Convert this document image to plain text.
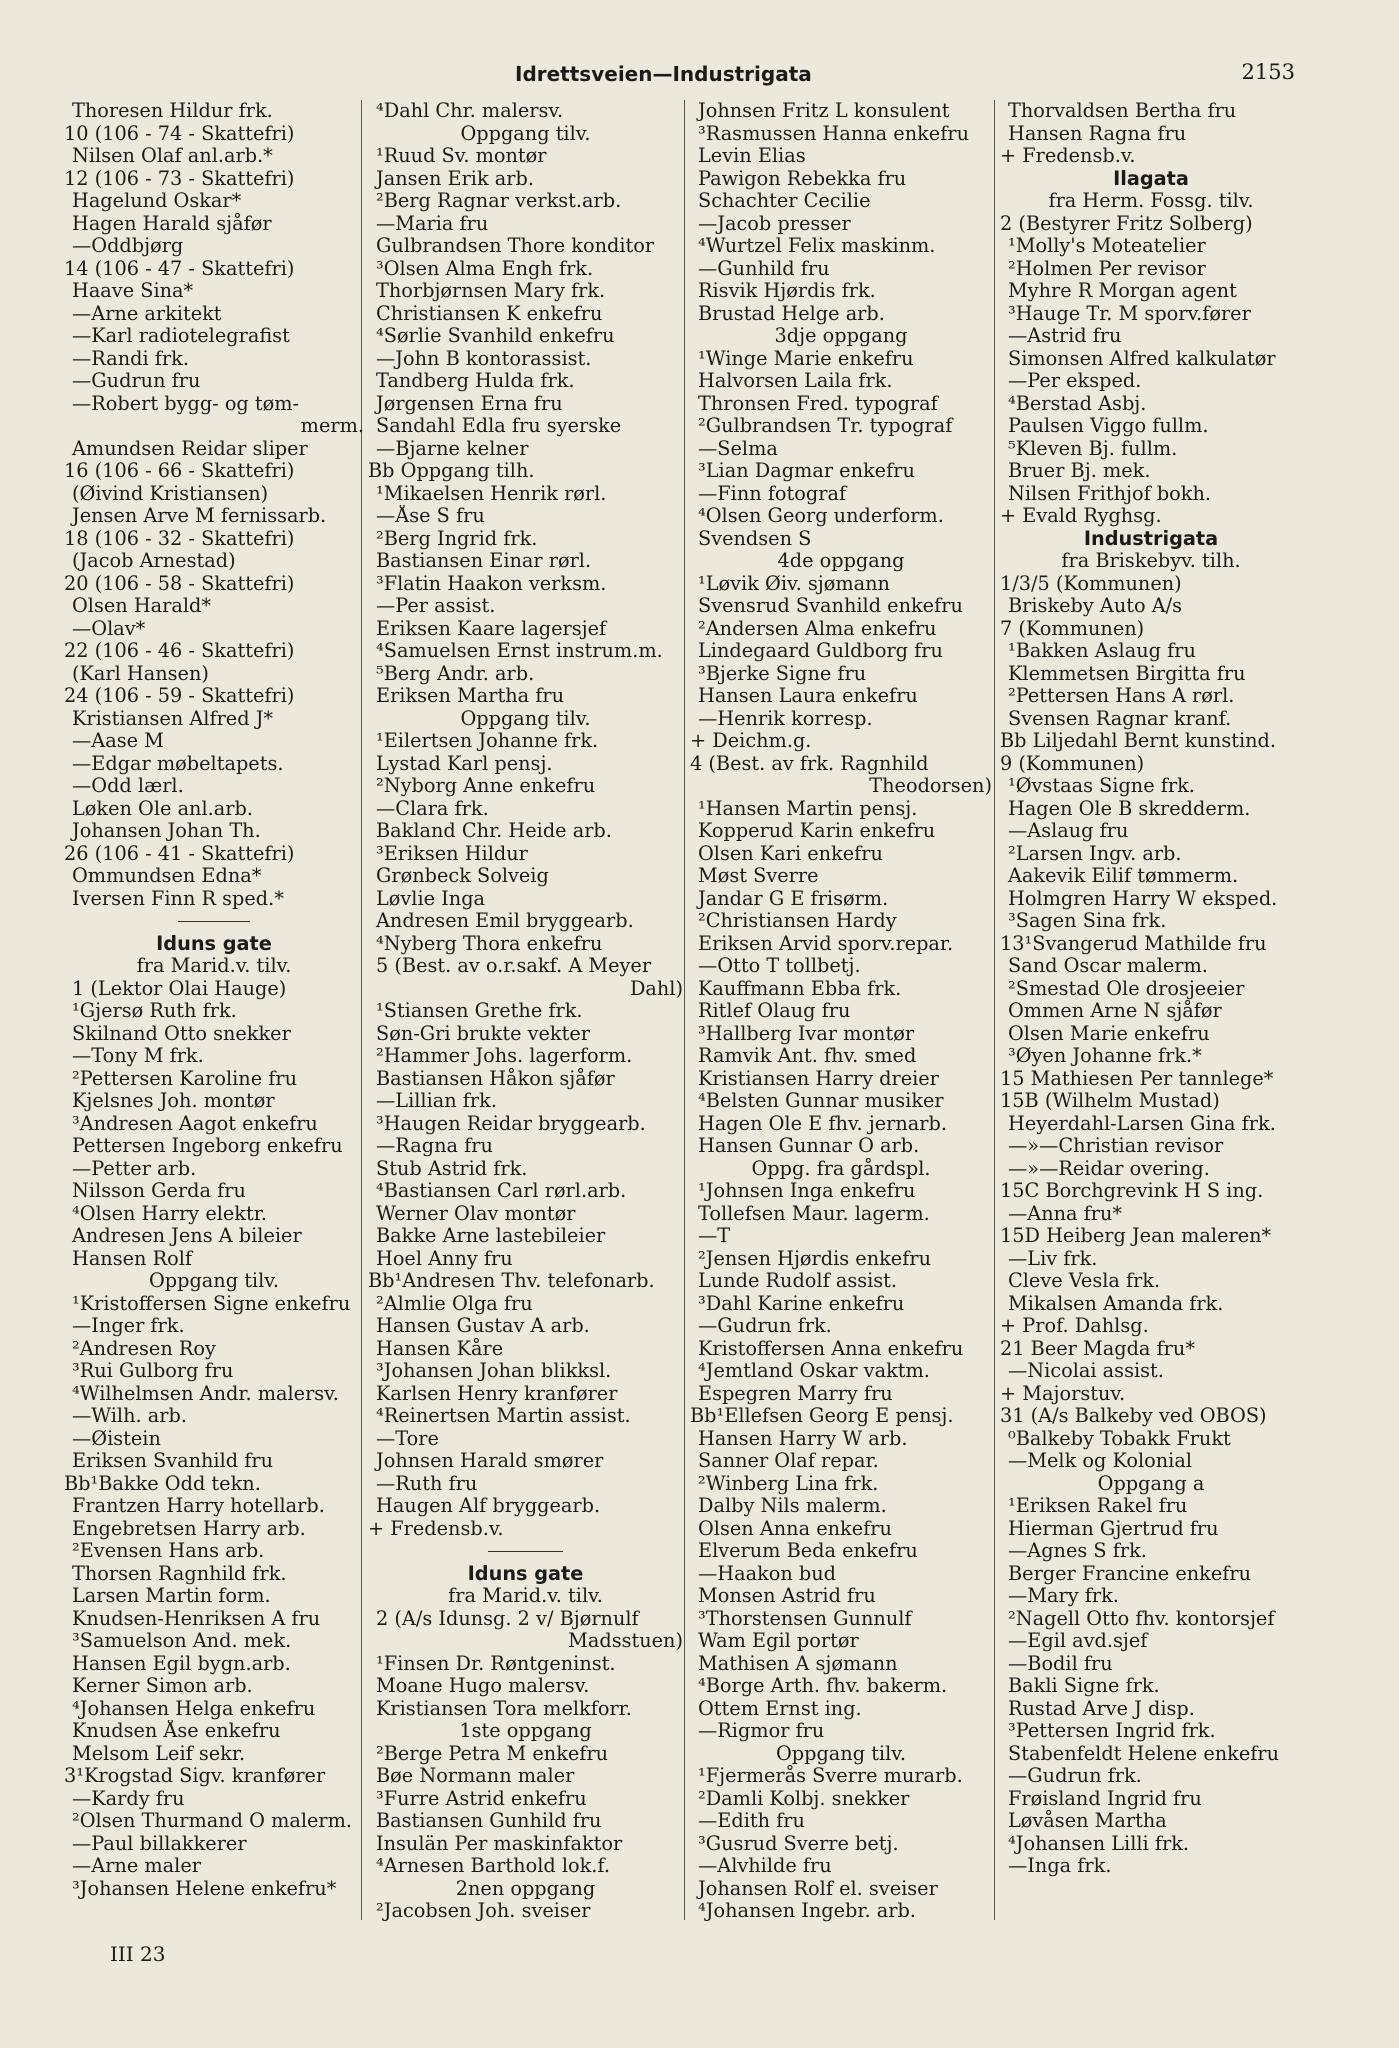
Idrettsveien—Industrigata	2153
Thoresen Hildur frk.
10 (106 - 74 - Skattefri)
Nilsen Olaf anl.arb.*
12 (106 - 73 - Skattefri)
Hagelund Oskar*
Hagen Harald sjåfør
—Oddbjørg
14 (106 - 47 - Skattefri)
Haave Sina*
—Arne arkitekt
—Karl radiotelegrafist
—Randi frk.
—Gudrun fru
—Robert bygg- og tøm-
merm.
Amundsen Reidar sliper
16 (106 - 66 - Skattefri)
(Øivind Kristiansen)
Jensen Arve M fernissarb.
18 (106 - 32 - Skattefri)
(Jacob Arnestad)
20 (106 - 58 - Skattefri)
Olsen Harald*
—Olav*
22 (106 - 46 - Skattefri)
(Karl Hansen)
24 (106 - 59 - Skattefri)
Kristiansen Alfred J*
—Aase M
—Edgar møbeltapets.
—Odd lærl.
Løken Ole anl.arb.
Johansen Johan Th.
26 (106 - 41 - Skattefri)
Ommundsen Edna*
Iversen Finn R sped.*
Iduns gate
fra Marid.v. tilv.
1 (Lektor Olai Hauge)
¹Gjersø Ruth frk.
Skilnand Otto snekker
—Tony M frk.
²Pettersen Karoline fru
Kjelsnes Joh. montør
³Andresen Aagot enkefru
Pettersen Ingeborg enkefru
—Petter arb.
Nilsson Gerda fru
⁴Olsen Harry elektr.
Andresen Jens A bileier
Hansen Rolf
Oppgang tilv.
¹Kristoffersen Signe enkefru
—Inger frk.
²Andresen Roy
³Rui Gulborg fru
⁴Wilhelmsen Andr. malersv.
—Wilh. arb.
—Øistein
Eriksen Svanhild fru
Bb¹Bakke Odd tekn.
Frantzen Harry hotellarb.
Engebretsen Harry arb.
²Evensen Hans arb.
Thorsen Ragnhild frk.
Larsen Martin form.
Knudsen-Henriksen A fru
³Samuelson And. mek.
Hansen Egil bygn.arb.
Kerner Simon arb.
⁴Johansen Helga enkefru
Knudsen Åse enkefru
Melsom Leif sekr.
3¹Krogstad Sigv. kranfører
—Kardy fru
²Olsen Thurmand O malerm.
—Paul billakkerer
—Arne maler
³Johansen Helene enkefru*
⁴Dahl Chr. malersv.
Oppgang tilv.
¹Ruud Sv. montør
Jansen Erik arb.
²Berg Ragnar verkst.arb.
—Maria fru
Gulbrandsen Thore konditor
³Olsen Alma Engh frk.
Thorbjørnsen Mary frk.
Christiansen K enkefru
⁴Sørlie Svanhild enkefru
—John B kontorassist.
Tandberg Hulda frk.
Jørgensen Erna fru
Sandahl Edla fru syerske
—Bjarne kelner
Bb Oppgang tilh.
¹Mikaelsen Henrik rørl.
—Åse S fru
²Berg Ingrid frk.
Bastiansen Einar rørl.
³Flatin Haakon verksm.
—Per assist.
Eriksen Kaare lagersjef
⁴Samuelsen Ernst instrum.m.
⁵Berg Andr. arb.
Eriksen Martha fru
Oppgang tilv.
¹Eilertsen Johanne frk.
Lystad Karl pensj.
²Nyborg Anne enkefru
—Clara frk.
Bakland Chr. Heide arb.
³Eriksen Hildur
Grønbeck Solveig
Løvlie Inga
Andresen Emil bryggearb.
⁴Nyberg Thora enkefru
5 (Best. av o.r.sakf. A Meyer
Dahl)
¹Stiansen Grethe frk.
Søn-Gri brukte vekter
²Hammer Johs. lagerform.
Bastiansen Håkon sjåfør
—Lillian frk.
³Haugen Reidar bryggearb.
—Ragna fru
Stub Astrid frk.
⁴Bastiansen Carl rørl.arb.
Werner Olav montør
Bakke Arne lastebileier
Hoel Anny fru
Bb¹Andresen Thv. telefonarb.
²Almlie Olga fru
Hansen Gustav A arb.
Hansen Kåre
³Johansen Johan blikksl.
Karlsen Henry kranfører
⁴Reinertsen Martin assist.
—Tore
Johnsen Harald smører
—Ruth fru
Haugen Alf bryggearb.
+ Fredensb.v.
Iduns gate
fra Marid.v. tilv.
2 (A/s Idunsg. 2 v/ Bjørnulf
Madsstuen)
¹Finsen Dr. Røntgeninst.
Moane Hugo malersv.
Kristiansen Tora melkforr.
1ste oppgang
²Berge Petra M enkefru
Bøe Normann maler
³Furre Astrid enkefru
Bastiansen Gunhild fru
Insulän Per maskinfaktor
⁴Arnesen Barthold lok.f.
2nen oppgang
²Jacobsen Joh. sveiser
Johnsen Fritz L konsulent
³Rasmussen Hanna enkefru
Levin Elias
Pawigon Rebekka fru
Schachter Cecilie
—Jacob presser
⁴Wurtzel Felix maskinm.
—Gunhild fru
Risvik Hjørdis frk.
Brustad Helge arb.
3dje oppgang
¹Winge Marie enkefru
Halvorsen Laila frk.
Thronsen Fred. typograf
²Gulbrandsen Tr. typograf
—Selma
³Lian Dagmar enkefru
—Finn fotograf
⁴Olsen Georg underform.
Svendsen S
4de oppgang
¹Løvik Øiv. sjømann
Svensrud Svanhild enkefru
²Andersen Alma enkefru
Lindegaard Guldborg fru
³Bjerke Signe fru
Hansen Laura enkefru
—Henrik korresp.
+ Deichm.g.
4 (Best. av frk. Ragnhild
Theodorsen)
¹Hansen Martin pensj.
Kopperud Karin enkefru
Olsen Kari enkefru
Møst Sverre
Jandar G E frisørm.
²Christiansen Hardy
Eriksen Arvid sporv.repar.
—Otto T tollbetj.
Kauffmann Ebba frk.
Ritlef Olaug fru
³Hallberg Ivar montør
Ramvik Ant. fhv. smed
Kristiansen Harry dreier
⁴Belsten Gunnar musiker
Hagen Ole E fhv. jernarb.
Hansen Gunnar O arb.
Oppg. fra gårdspl.
¹Johnsen Inga enkefru
Tollefsen Maur. lagerm.
—T
²Jensen Hjørdis enkefru
Lunde Rudolf assist.
³Dahl Karine enkefru
—Gudrun frk.
Kristoffersen Anna enkefru
⁴Jemtland Oskar vaktm.
Espegren Marry fru
Bb¹Ellefsen Georg E pensj.
Hansen Harry W arb.
Sanner Olaf repar.
²Winberg Lina frk.
Dalby Nils malerm.
Olsen Anna enkefru
Elverum Beda enkefru
—Haakon bud
Monsen Astrid fru
³Thorstensen Gunnulf
Wam Egil portør
Mathisen A sjømann
⁴Borge Arth. fhv. bakerm.
Ottem Ernst ing.
—Rigmor fru
Oppgang tilv.
¹Fjermerås Sverre murarb.
²Damli Kolbj. snekker
—Edith fru
³Gusrud Sverre betj.
—Alvhilde fru
Johansen Rolf el. sveiser
⁴Johansen Ingebr. arb.
Thorvaldsen Bertha fru
Hansen Ragna fru
+ Fredensb.v.
Ilagata
fra Herm. Fossg. tilv.
2 (Bestyrer Fritz Solberg)
¹Molly's Moteatelier
²Holmen Per revisor
Myhre R Morgan agent
³Hauge Tr. M sporv.fører
—Astrid fru
Simonsen Alfred kalkulatør
—Per ekspеd.
⁴Berstad Asbj.
Paulsen Viggo fullm.
⁵Kleven Bj. fullm.
Bruer Bj. mek.
Nilsen Frithjof bokh.
+ Evald Ryghsg.
Industrigata
fra Briskebyv. tilh.
1/3/5 (Kommunen)
Briskeby Auto A/s
7 (Kommunen)
¹Bakken Aslaug fru
Klemmetsen Birgitta fru
²Pettersen Hans A rørl.
Svensen Ragnar kranf.
Bb Liljedahl Bernt kunstind.
9 (Kommunen)
¹Øvstaas Signe frk.
Hagen Ole B skredderm.
—Aslaug fru
²Larsen Ingv. arb.
Aakevik Eilif tømmerm.
Holmgren Harry W eksped.
³Sagen Sina frk.
13¹Svangerud Mathilde fru
Sand Oscar malerm.
²Smestad Ole drosjeeier
Ommen Arne N sjåfør
Olsen Marie enkefru
³Øyen Johanne frk.*
15 Mathiesen Per tannlege*
15B (Wilhelm Mustad)
Heyerdahl-Larsen Gina frk.
—»—Christian revisor
—»—Reidar overing.
15C Borchgrevink H S ing.
—Anna fru*
15D Heiberg Jean maleren*
—Liv frk.
Cleve Vesla frk.
Mikalsen Amanda frk.
+ Prof. Dahlsg.
21 Beer Magda fru*
—Nicolai assist.
+ Majorstuv.
31 (A/s Balkeby ved OBOS)
⁰Balkeby Tobakk Frukt
—Melk og Kolonial
Oppgang a
¹Eriksen Rakel fru
Hierman Gjertrud fru
—Agnes S frk.
Berger Francine enkefru
—Mary frk.
²Nagell Otto fhv. kontorsjef
—Egil avd.sjef
—Bodil fru
Bakli Signe frk.
Rustad Arve J disp.
³Pettersen Ingrid frk.
Stabenfeldt Helene enkefru
—Gudrun frk.
Frøisland Ingrid fru
Løvåsen Martha
⁴Johansen Lilli frk.
—Inga frk.
III 23
